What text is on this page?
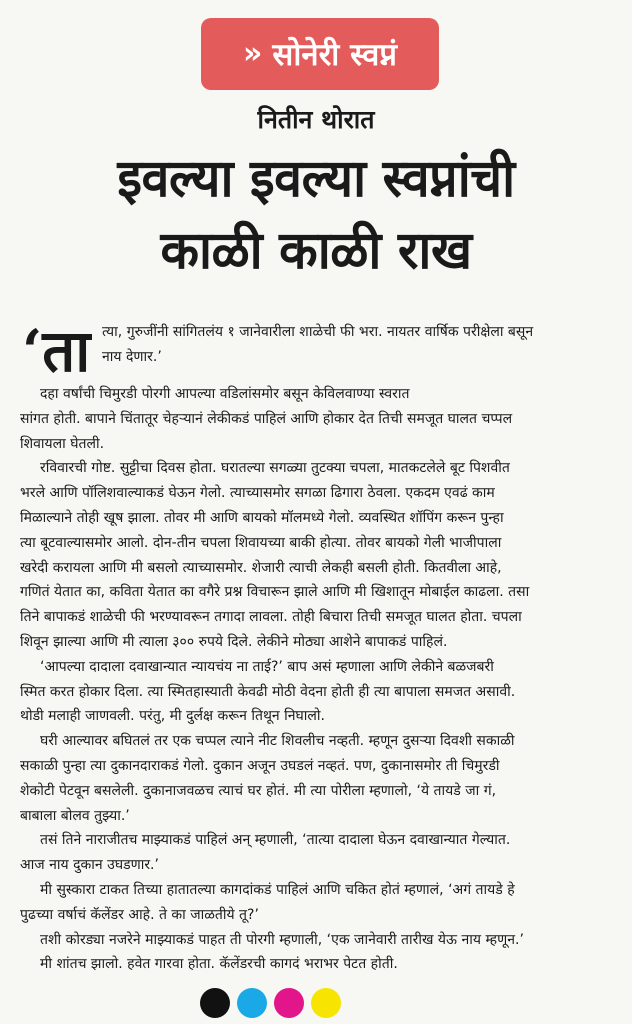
» सोनेरी स्वप्नं
नितीन थोरात
इवल्या इवल्या स्वप्नांची
काळी काळी राख
‘ता त्या, गुरुजींनी सांगितलंय १ जानेवारीला शाळेची फी भरा. नायतर वार्षिक परीक्षेला बसून
नाय देणार.’
दहा वर्षांची चिमुरडी पोरगी आपल्या वडिलांसमोर बसून केविलवाण्या स्वरात
सांगत होती. बापाने चिंतातूर चेहऱ्यानं लेकीकडं पाहिलं आणि होकार देत तिची समजूत घालत चप्पल
शिवायला घेतली.
रविवारची गोष्ट. सुट्टीचा दिवस होता. घरातल्या सगळ्या तुटक्या चपला, मातकटलेले बूट पिशवीत
भरले आणि पॉलिशवाल्याकडं घेऊन गेलो. त्याच्यासमोर सगळा ढिगारा ठेवला. एकदम एवढं काम
मिळाल्याने तोही खूष झाला. तोवर मी आणि बायको मॉलमध्ये गेलो. व्यवस्थित शॉपिंग करून पुन्हा
त्या बूटवाल्यासमोर आलो. दोन-तीन चपला शिवायच्या बाकी होत्या. तोवर बायको गेली भाजीपाला
खरेदी करायला आणि मी बसलो त्याच्यासमोर. शेजारी त्याची लेकही बसली होती. कितवीला आहे,
गणितं येतात का, कविता येतात का वगैरे प्रश्न विचारून झाले आणि मी खिशातून मोबाईल काढला. तसा
तिने बापाकडं शाळेची फी भरण्यावरून तगादा लावला. तोही बिचारा तिची समजूत घालत होता. चपला
शिवून झाल्या आणि मी त्याला ३०० रुपये दिले. लेकीने मोठ्या आशेने बापाकडं पाहिलं.
‘आपल्या दादाला दवाखान्यात न्यायचंय ना ताई?’ बाप असं म्हणाला आणि लेकीने बळजबरी
स्मित करत होकार दिला. त्या स्मितहास्याती केवढी मोठी वेदना होती ही त्या बापाला समजत असावी.
थोडी मलाही जाणवली. परंतु, मी दुर्लक्ष करून तिथून निघालो.
घरी आल्यावर बघितलं तर एक चप्पल त्याने नीट शिवलीच नव्हती. म्हणून दुसऱ्या दिवशी सकाळी
सकाळी पुन्हा त्या दुकानदाराकडं गेलो. दुकान अजून उघडलं नव्हतं. पण, दुकानासमोर ती चिमुरडी
शेकोटी पेटवून बसलेली. दुकानाजवळच त्याचं घर होतं. मी त्या पोरीला म्हणालो, ‘ये तायडे जा गं,
बाबाला बोलव तुझ्या.’
तसं तिने नाराजीतच माझ्याकडं पाहिलं अन् म्हणाली, ‘तात्या दादाला घेऊन दवाखान्यात गेल्यात.
आज नाय दुकान उघडणार.’
मी सुस्कारा टाकत तिच्या हातातल्या कागदांकडं पाहिलं आणि चकित होतं म्हणालं, ‘अगं तायडे हे
पुढच्या वर्षाचं कॅलेंडर आहे. ते का जाळतीये तू?’
तशी कोरड्या नजरेने माझ्याकडं पाहत ती पोरगी म्हणाली, ‘एक जानेवारी तारीख येऊ नाय म्हणून.’
मी शांतच झालो. हवेत गारवा होता. कॅलेंडरची कागदं भराभर पेटत होती.
